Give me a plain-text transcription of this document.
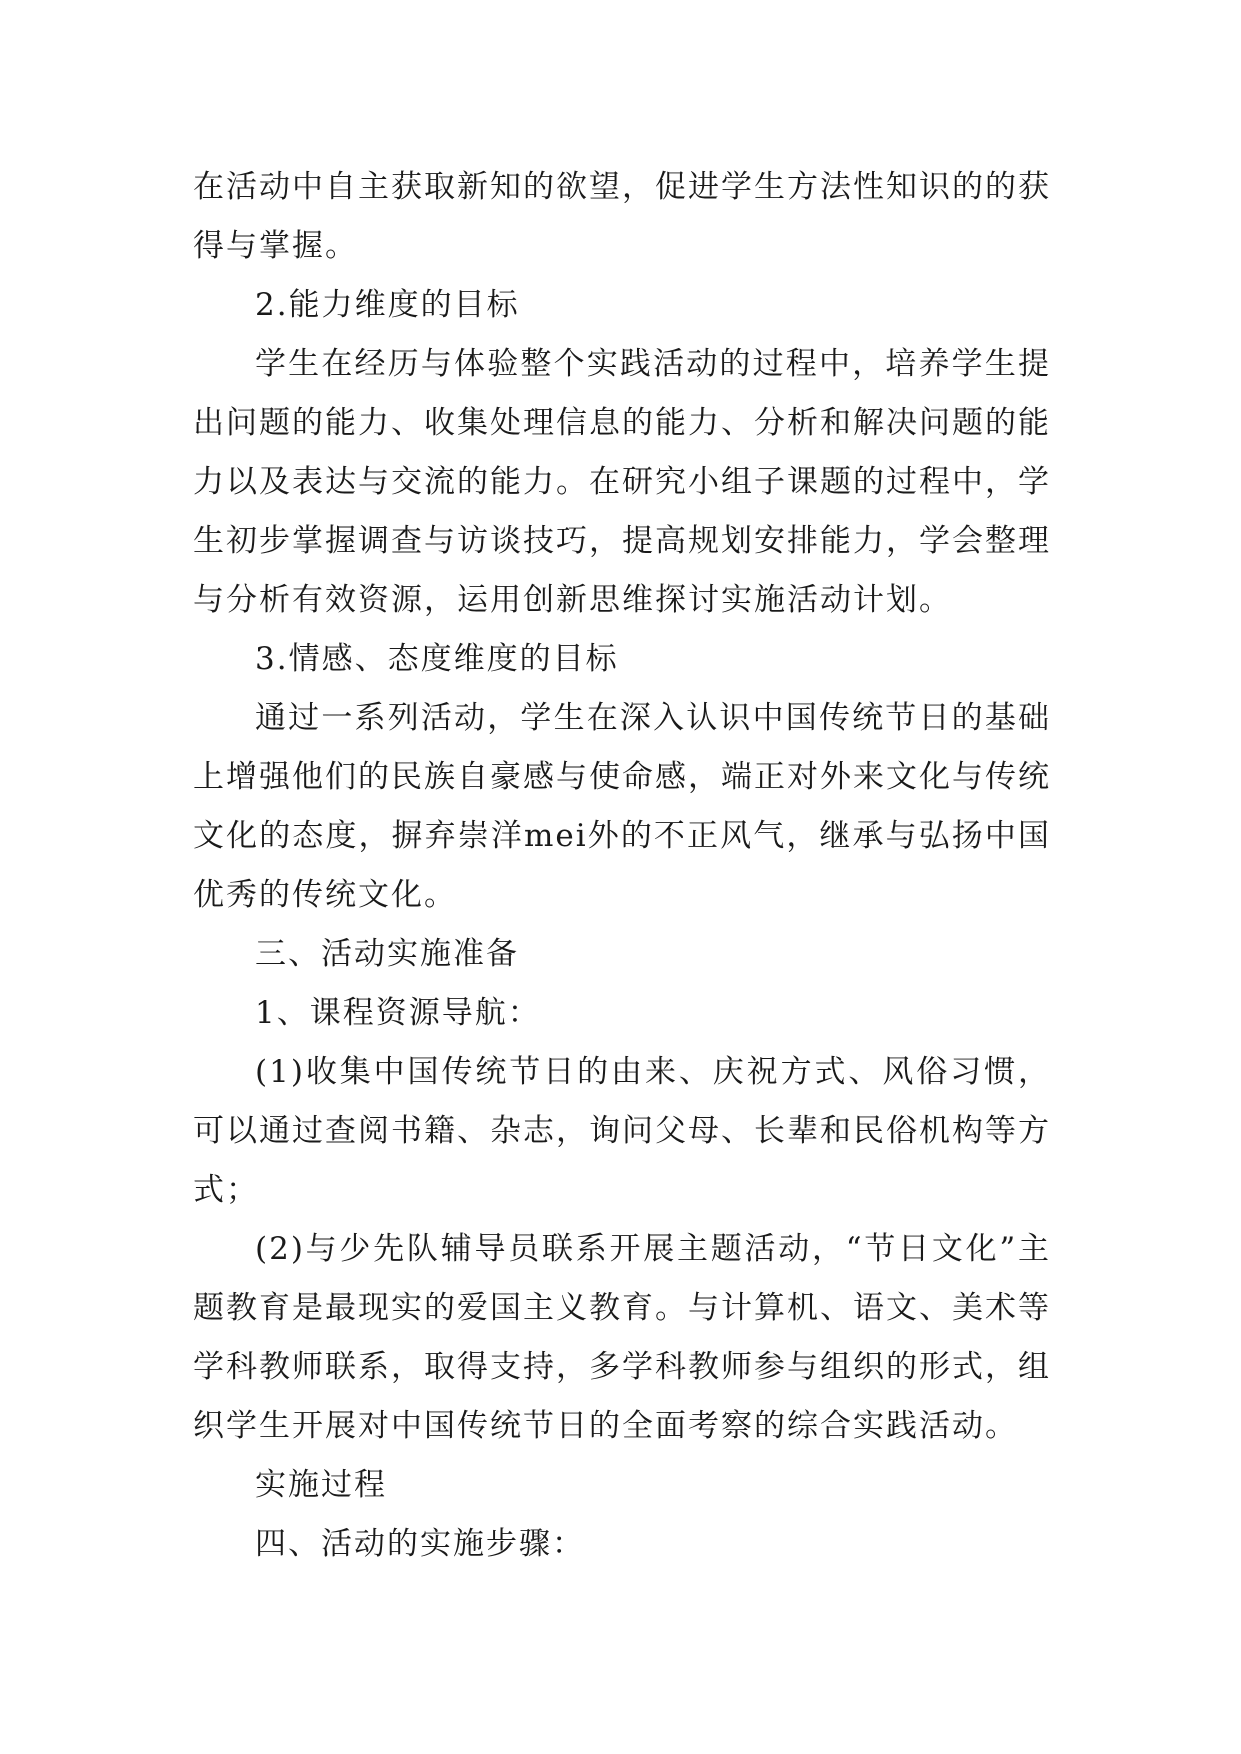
在活动中自主获取新知的欲望，促进学生方法性知识的的获得与掌握。

2.能力维度的目标

学生在经历与体验整个实践活动的过程中，培养学生提出问题的能力、收集处理信息的能力、分析和解决问题的能力以及表达与交流的能力。在研究小组子课题的过程中，学生初步掌握调查与访谈技巧，提高规划安排能力，学会整理与分析有效资源，运用创新思维探讨实施活动计划。

3.情感、态度维度的目标

通过一系列活动，学生在深入认识中国传统节日的基础上增强他们的民族自豪感与使命感，端正对外来文化与传统文化的态度，摒弃崇洋mei外的不正风气，继承与弘扬中国优秀的传统文化。

三、活动实施准备

1、课程资源导航：

(1)收集中国传统节日的由来、庆祝方式、风俗习惯，可以通过查阅书籍、杂志，询问父母、长辈和民俗机构等方式；

(2)与少先队辅导员联系开展主题活动，“节日文化”主题教育是最现实的爱国主义教育。与计算机、语文、美术等学科教师联系，取得支持，多学科教师参与组织的形式，组织学生开展对中国传统节日的全面考察的综合实践活动。

实施过程

四、活动的实施步骤：
